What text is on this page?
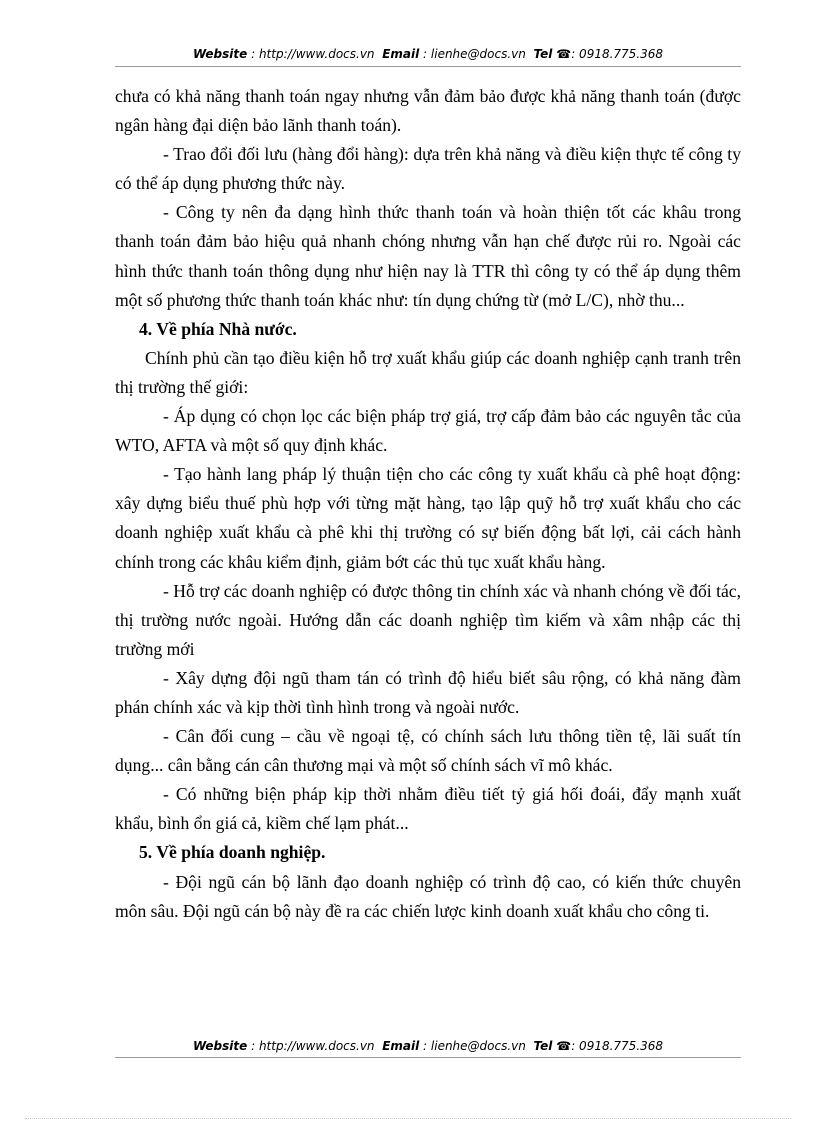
Website : http://www.docs.vn Email : lienhe@docs.vn Tel ☎: 0918.775.368

chưa có khả năng thanh toán ngay nhưng vẫn đảm bảo được khả năng thanh toán (được ngân hàng đại diện bảo lãnh thanh toán).

- Trao đổi đối lưu (hàng đổi hàng): dựa trên khả năng và điều kiện thực tế công ty có thể áp dụng phương thức này.

- Công ty nên đa dạng hình thức thanh toán và hoàn thiện tốt các khâu trong thanh toán đảm bảo hiệu quả nhanh chóng nhưng vẫn hạn chế được rủi ro. Ngoài các hình thức thanh toán thông dụng như hiện nay là TTR thì công ty có thể áp dụng thêm một số phương thức thanh toán khác như: tín dụng chứng từ (mở L/C), nhờ thu...

4. Về phía Nhà nước.

Chính phủ cần tạo điều kiện hỗ trợ xuất khẩu giúp các doanh nghiệp cạnh tranh trên thị trường thế giới:

- Áp dụng có chọn lọc các biện pháp trợ giá, trợ cấp đảm bảo các nguyên tắc của WTO, AFTA và một số quy định khác.

- Tạo hành lang pháp lý thuận tiện cho các công ty xuất khẩu cà phê hoạt động: xây dựng biểu thuế phù hợp với từng mặt hàng, tạo lập quỹ hỗ trợ xuất khẩu cho các doanh nghiệp xuất khẩu cà phê khi thị trường có sự biến động bất lợi, cải cách hành chính trong các khâu kiểm định, giảm bớt các thủ tục xuất khẩu hàng.

- Hỗ trợ các doanh nghiệp có được thông tin chính xác và nhanh chóng về đối tác, thị trường nước ngoài. Hướng dẫn các doanh nghiệp tìm kiếm và xâm nhập các thị trường mới

- Xây dựng đội ngũ tham tán có trình độ hiểu biết sâu rộng, có khả năng đàm phán chính xác và kịp thời tình hình trong và ngoài nước.

- Cân đối cung – cầu về ngoại tệ, có chính sách lưu thông tiền tệ, lãi suất tín dụng... cân bằng cán cân thương mại và một số chính sách vĩ mô khác.

- Có những biện pháp kịp thời nhằm điều tiết tỷ giá hối đoái, đẩy mạnh xuất khẩu, bình ổn giá cả, kiềm chế lạm phát...

5. Về phía doanh nghiệp.

- Đội ngũ cán bộ lãnh đạo doanh nghiệp có trình độ cao, có kiến thức chuyên môn sâu. Đội ngũ cán bộ này đề ra các chiến lược kinh doanh xuất khẩu cho công ti.

Website : http://www.docs.vn Email : lienhe@docs.vn Tel ☎: 0918.775.368
